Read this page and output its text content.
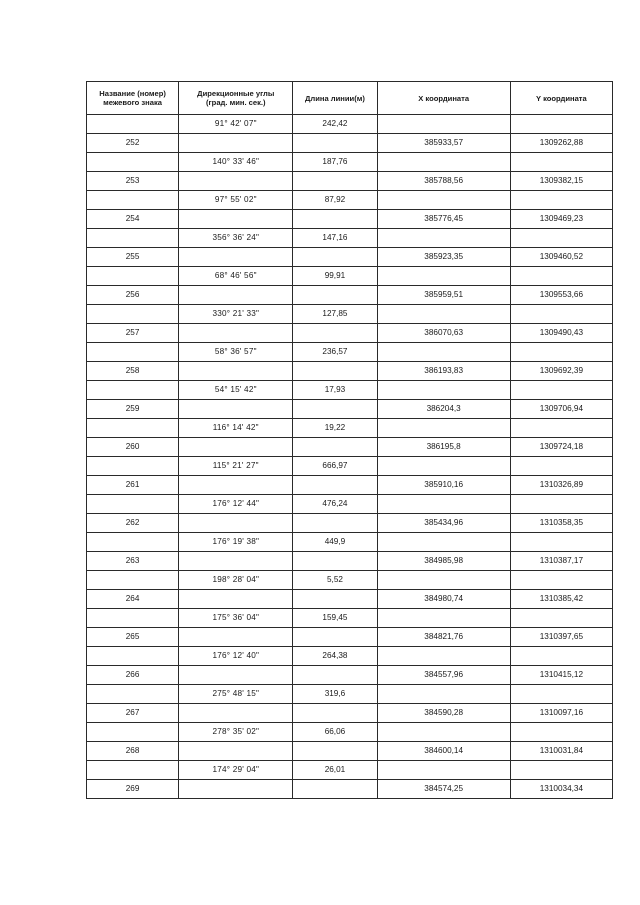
Название (номер)
межевого знака	Дирекционные углы
(град. мин. сек.)	Длина линии(м)	X координата	Y координата
	91° 42' 07"	242,42		
252			385933,57	1309262,88
	140° 33' 46"	187,76		
253			385788,56	1309382,15
	97° 55' 02"	87,92		
254			385776,45	1309469,23
	356° 36' 24"	147,16		
255			385923,35	1309460,52
	68° 46' 56"	99,91		
256			385959,51	1309553,66
	330° 21' 33"	127,85		
257			386070,63	1309490,43
	58° 36' 57"	236,57		
258			386193,83	1309692,39
	54° 15' 42"	17,93		
259			386204,3	1309706,94
	116° 14' 42"	19,22		
260			386195,8	1309724,18
	115° 21' 27"	666,97		
261			385910,16	1310326,89
	176° 12' 44"	476,24		
262			385434,96	1310358,35
	176° 19' 38"	449,9		
263			384985,98	1310387,17
	198° 28' 04"	5,52		
264			384980,74	1310385,42
	175° 36' 04"	159,45		
265			384821,76	1310397,65
	176° 12' 40"	264,38		
266			384557,96	1310415,12
	275° 48' 15"	319,6		
267			384590,28	1310097,16
	278° 35' 02"	66,06		
268			384600,14	1310031,84
	174° 29' 04"	26,01		
269			384574,25	1310034,34
